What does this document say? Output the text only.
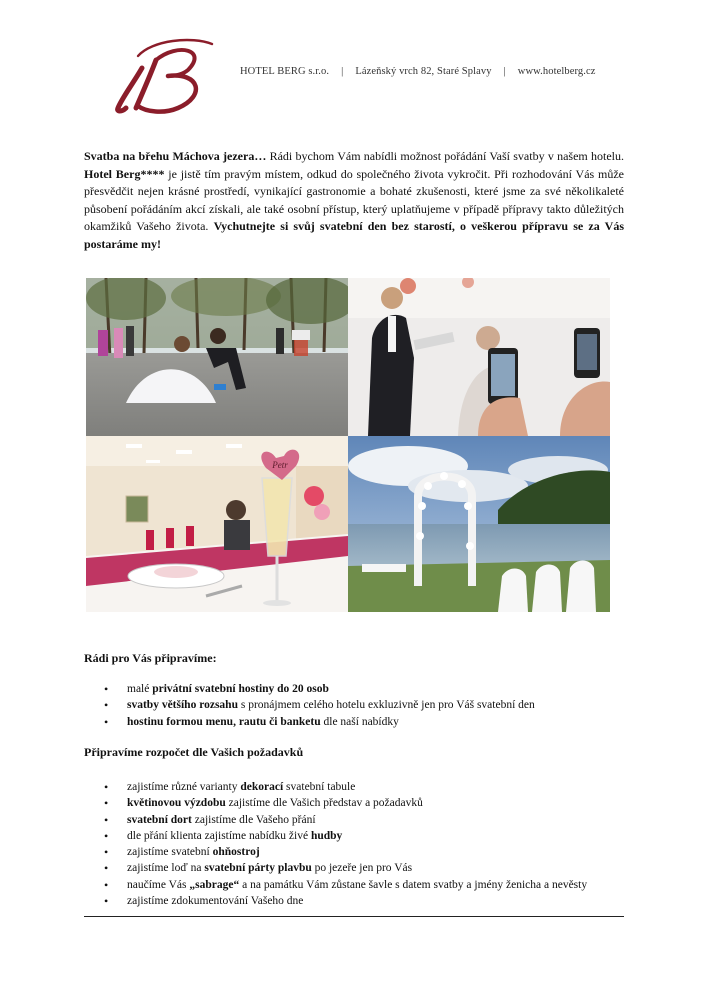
HOTEL BERG s.r.o. | Lázeňský vrch 82, Staré Splavy | www.hotelberg.cz
Svatba na břehu Máchova jezera… Rádi bychom Vám nabídli možnost pořádání Vaší svatby v našem hotelu. Hotel Berg**** je jistě tím pravým místem, odkud do společného života vykročit. Při rozhodování Vás může přesvědčit nejen krásné prostředí, vynikající gastronomie a bohaté zkušenosti, které jsme za své několikaleté působení pořádáním akcí získali, ale také osobní přístup, který uplatňujeme v případě přípravy takto důležitých okamžiků Vašeho života. Vychutnejte si svůj svatební den bez starostí, o veškerou přípravu se za Vás postaráme my!
Petr
Rádi pro Vás připravíme:
• malé privátní svatební hostiny do 20 osob
• svatby většího rozsahu s pronájmem celého hotelu exkluzivně jen pro Váš svatební den
• hostinu formou menu, rautu či banketu dle naší nabídky
Připravíme rozpočet dle Vašich požadavků
• zajistíme různé varianty dekorací svatební tabule
• květinovou výzdobu zajistíme dle Vašich představ a požadavků
• svatební dort zajistíme dle Vašeho přání
• dle přání klienta zajistíme nabídku živé hudby
• zajistíme svatební ohňostroj
• zajistíme loď na svatební párty plavbu po jezeře jen pro Vás
• naučíme Vás „sabrage“ a na památku Vám zůstane šavle s datem svatby a jmény ženicha a nevěsty
• zajistíme zdokumentování Vašeho dne
